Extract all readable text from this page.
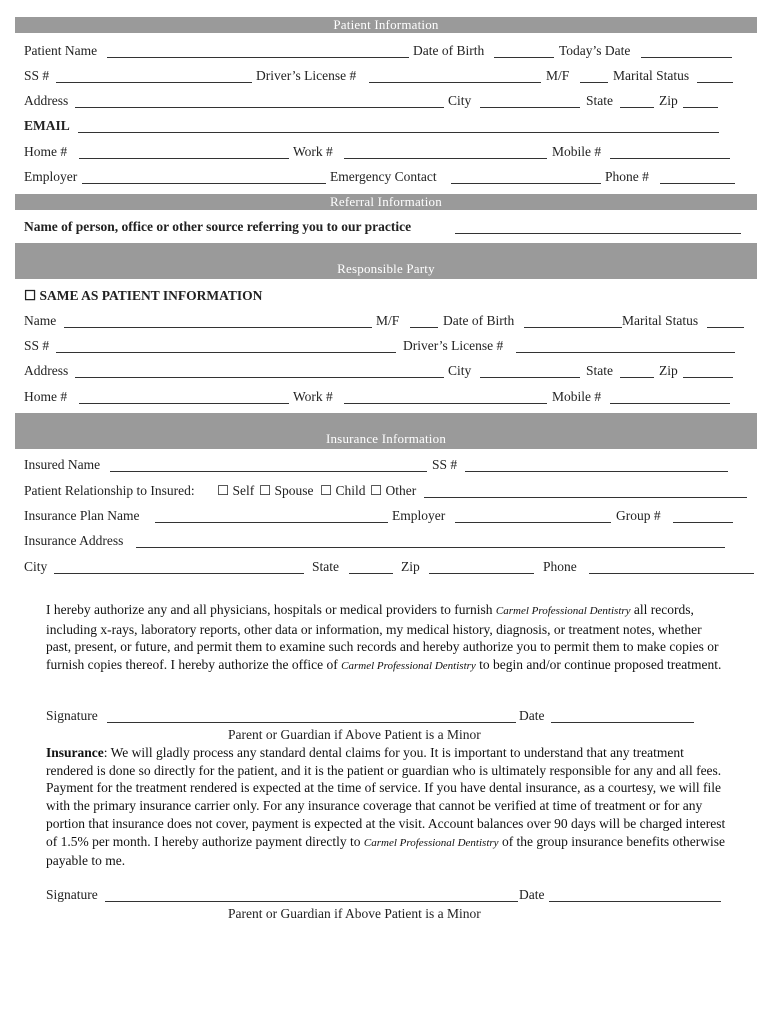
Patient Information
Patient Name	Date of Birth	Today’s Date
SS #	Driver’s License #	M/F	Marital Status
Address	City	State	Zip
EMAIL
Home #	Work #	Mobile #
Employer	Emergency Contact	Phone #
Referral Information
Name of person, office or other source referring you to our practice
Responsible Party
☐ SAME AS PATIENT INFORMATION
Name	M/F	Date of Birth	Marital Status
SS #	Driver’s License #
Address	City	State	Zip
Home #	Work #	Mobile #
Insurance Information
Insured Name	SS #
Patient Relationship to Insured: ☐ Self ☐ Spouse ☐ Child ☐ Other
Insurance Plan Name	Employer	Group #
Insurance Address
City	State	Zip	Phone

I hereby authorize any and all physicians, hospitals or medical providers to furnish Carmel Professional Dentistry all records, including x-rays, laboratory reports, other data or information, my medical history, diagnosis, or treatment notes, whether past, present, or future, and permit them to examine such records and hereby authorize you to permit them to make copies or furnish copies thereof. I hereby authorize the office of Carmel Professional Dentistry to begin and/or continue proposed treatment.

Signature	Date
Parent or Guardian if Above Patient is a Minor

Insurance: We will gladly process any standard dental claims for you. It is important to understand that any treatment rendered is done so directly for the patient, and it is the patient or guardian who is ultimately responsible for any and all fees. Payment for the treatment rendered is expected at the time of service. If you have dental insurance, as a courtesy, we will file with the primary insurance carrier only. For any insurance coverage that cannot be verified at time of treatment or for any portion that insurance does not cover, payment is expected at the visit. Account balances over 90 days will be charged interest of 1.5% per month. I hereby authorize payment directly to Carmel Professional Dentistry of the group insurance benefits otherwise payable to me.

Signature	Date
Parent or Guardian if Above Patient is a Minor
